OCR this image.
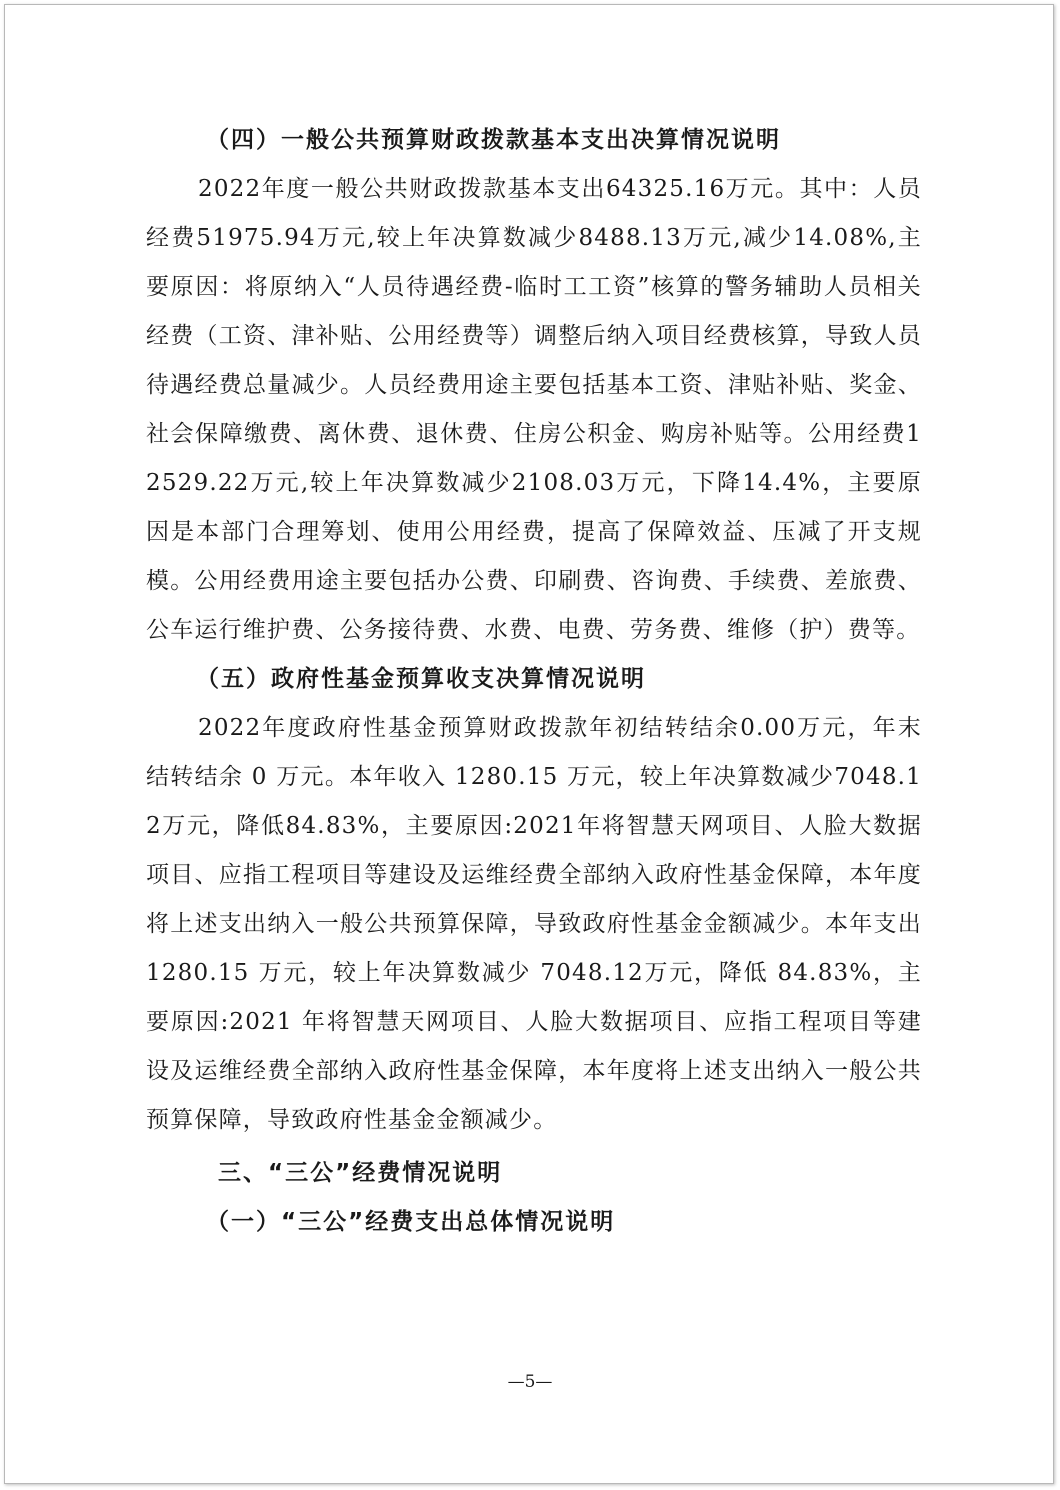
（四）一般公共预算财政拨款基本支出决算情况说明

2022年度一般公共财政拨款基本支出64325.16万元。其中：人员经费51975.94万元,较上年决算数减少8488.13万元,减少14.08%,主要原因：将原纳入“人员待遇经费-临时工工资”核算的警务辅助人员相关经费（工资、津补贴、公用经费等）调整后纳入项目经费核算，导致人员待遇经费总量减少。人员经费用途主要包括基本工资、津贴补贴、奖金、社会保障缴费、离休费、退休费、住房公积金、购房补贴等。公用经费12529.22万元,较上年决算数减少2108.03万元，下降14.4%，主要原因是本部门合理筹划、使用公用经费，提高了保障效益、压减了开支规模。公用经费用途主要包括办公费、印刷费、咨询费、手续费、差旅费、公车运行维护费、公务接待费、水费、电费、劳务费、维修（护）费等。

（五）政府性基金预算收支决算情况说明

2022年度政府性基金预算财政拨款年初结转结余0.00万元，年末结转结余 0 万元。本年收入 1280.15 万元，较上年决算数减少7048.12万元，降低84.83%，主要原因:2021年将智慧天网项目、人脸大数据项目、应指工程项目等建设及运维经费全部纳入政府性基金保障，本年度将上述支出纳入一般公共预算保障，导致政府性基金金额减少。本年支出 1280.15 万元，较上年决算数减少 7048.12万元，降低 84.83%，主要原因:2021 年将智慧天网项目、人脸大数据项目、应指工程项目等建设及运维经费全部纳入政府性基金保障，本年度将上述支出纳入一般公共预算保障，导致政府性基金金额减少。

三、“三公”经费情况说明

（一）“三公”经费支出总体情况说明

—5—
